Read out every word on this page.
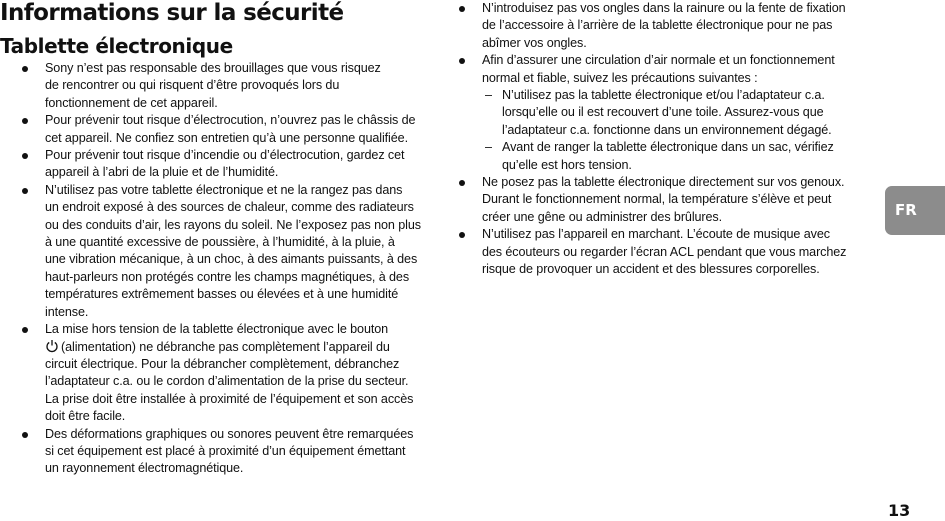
Informations sur la sécurité
Tablette électronique
Sony n’est pas responsable des brouillages que vous risquez
de rencontrer ou qui risquent d’être provoqués lors du
fonctionnement de cet appareil.
Pour prévenir tout risque d’électrocution, n’ouvrez pas le châssis de
cet appareil. Ne confiez son entretien qu’à une personne qualifiée.
Pour prévenir tout risque d’incendie ou d’électrocution, gardez cet
appareil à l’abri de la pluie et de l’humidité.
N’utilisez pas votre tablette électronique et ne la rangez pas dans
un endroit exposé à des sources de chaleur, comme des radiateurs
ou des conduits d’air, les rayons du soleil. Ne l’exposez pas non plus
à une quantité excessive de poussière, à l’humidité, à la pluie, à
une vibration mécanique, à un choc, à des aimants puissants, à des
haut-parleurs non protégés contre les champs magnétiques, à des
températures extrêmement basses ou élevées et à une humidité
intense.
La mise hors tension de la tablette électronique avec le bouton
(alimentation) ne débranche pas complètement l’appareil du
circuit électrique. Pour la débrancher complètement, débranchez
l’adaptateur c.a. ou le cordon d’alimentation de la prise du secteur.
La prise doit être installée à proximité de l’équipement et son accès
doit être facile.
Des déformations graphiques ou sonores peuvent être remarquées
si cet équipement est placé à proximité d’un équipement émettant
un rayonnement électromagnétique.
N’introduisez pas vos ongles dans la rainure ou la fente de fixation
de l’accessoire à l’arrière de la tablette électronique pour ne pas
abîmer vos ongles.
Afin d’assurer une circulation d’air normale et un fonctionnement
normal et fiable, suivez les précautions suivantes :
– N’utilisez pas la tablette électronique et/ou l’adaptateur c.a.
lorsqu’elle ou il est recouvert d’une toile. Assurez-vous que
l’adaptateur c.a. fonctionne dans un environnement dégagé.
– Avant de ranger la tablette électronique dans un sac, vérifiez
qu’elle est hors tension.
Ne posez pas la tablette électronique directement sur vos genoux.
Durant le fonctionnement normal, la température s’élève et peut
créer une gêne ou administrer des brûlures.
N’utilisez pas l’appareil en marchant. L’écoute de musique avec
des écouteurs ou regarder l’écran ACL pendant que vous marchez
risque de provoquer un accident et des blessures corporelles.
FR
13
